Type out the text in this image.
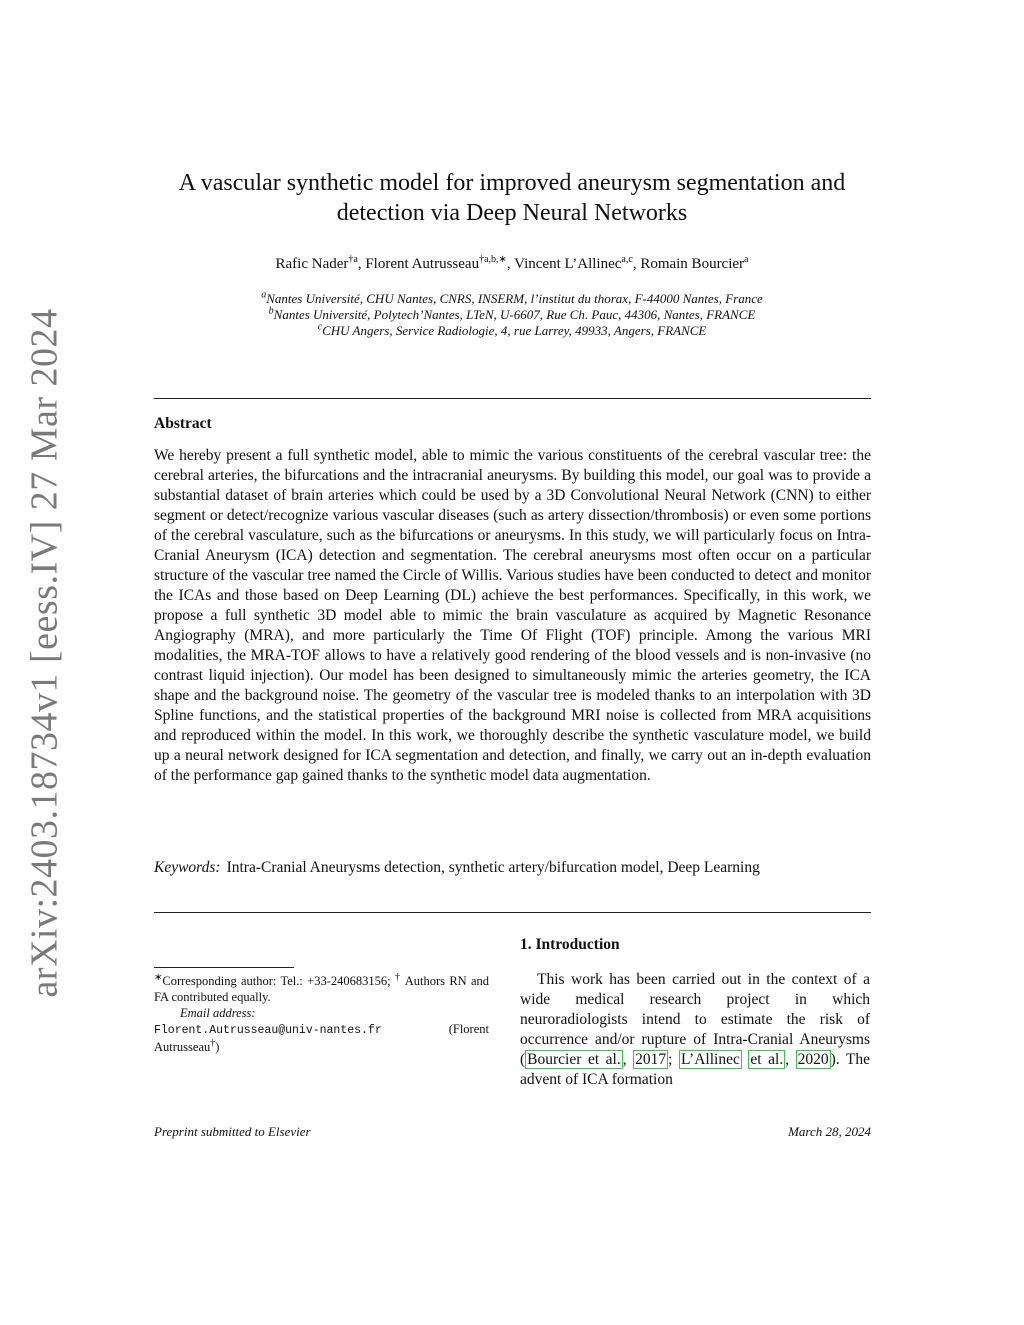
arXiv:2403.18734v1 [eess.IV] 27 Mar 2024
A vascular synthetic model for improved aneurysm segmentation and detection via Deep Neural Networks
Rafic Nader$^{\dagger a}$, Florent Autrusseau$^{\dagger a,b,∗}$, Vincent L’Allinec$^{a,c}$, Romain Bourcier$^a$
$^a$Nantes Université, CHU Nantes, CNRS, INSERM, l’institut du thorax, F-44000 Nantes, France
$^b$Nantes Université, Polytech’Nantes, LTeN, U-6607, Rue Ch. Pauc, 44306, Nantes, FRANCE
$^c$CHU Angers, Service Radiologie, 4, rue Larrey, 49933, Angers, FRANCE
Abstract

We hereby present a full synthetic model, able to mimic the various constituents of the cerebral vascular tree: the cerebral arteries, the bifurcations and the intracranial aneurysms. By building this model, our goal was to provide a substantial dataset of brain arteries which could be used by a 3D Convolutional Neural Network (CNN) to either segment or detect/recognize various vascular diseases (such as artery dissection/thrombosis) or even some portions of the cerebral vasculature, such as the bifurcations or aneurysms. In this study, we will particularly focus on Intra-Cranial Aneurysm (ICA) detection and segmentation. The cerebral aneurysms most often occur on a particular structure of the vascular tree named the Circle of Willis. Various studies have been conducted to detect and monitor the ICAs and those based on Deep Learning (DL) achieve the best performances. Specifically, in this work, we propose a full synthetic 3D model able to mimic the brain vasculature as acquired by Magnetic Resonance Angiography (MRA), and more particularly the Time Of Flight (TOF) principle. Among the various MRI modalities, the MRA-TOF allows to have a relatively good rendering of the blood vessels and is non-invasive (no contrast liquid injection). Our model has been designed to simultaneously mimic the arteries geometry, the ICA shape and the background noise. The geometry of the vascular tree is modeled thanks to an interpolation with 3D Spline functions, and the statistical properties of the background MRI noise is collected from MRA acquisitions and reproduced within the model. In this work, we thoroughly describe the synthetic vasculature model, we build up a neural network designed for ICA segmentation and detection, and finally, we carry out an in-depth evaluation of the performance gap gained thanks to the synthetic model data augmentation.

Keywords: Intra-Cranial Aneurysms detection, synthetic artery/bifurcation model, Deep Learning
1. Introduction

This work has been carried out in the context of a wide medical research project in which neuroradiologists intend to estimate the risk of occurrence and/or rupture of Intra-Cranial Aneurysms ( Bourcier et al. , 2017 ; L’Allinec et al. , 2020 ). The advent of ICA formation

∗Corresponding author: Tel.: +33-240683156; † Authors RN and FA contributed equally.
Email address:
Florent.Autrusseau@univ-nantes.fr	(Florent Autrusseau†)
Preprint submitted to Elsevier	March 28, 2024
